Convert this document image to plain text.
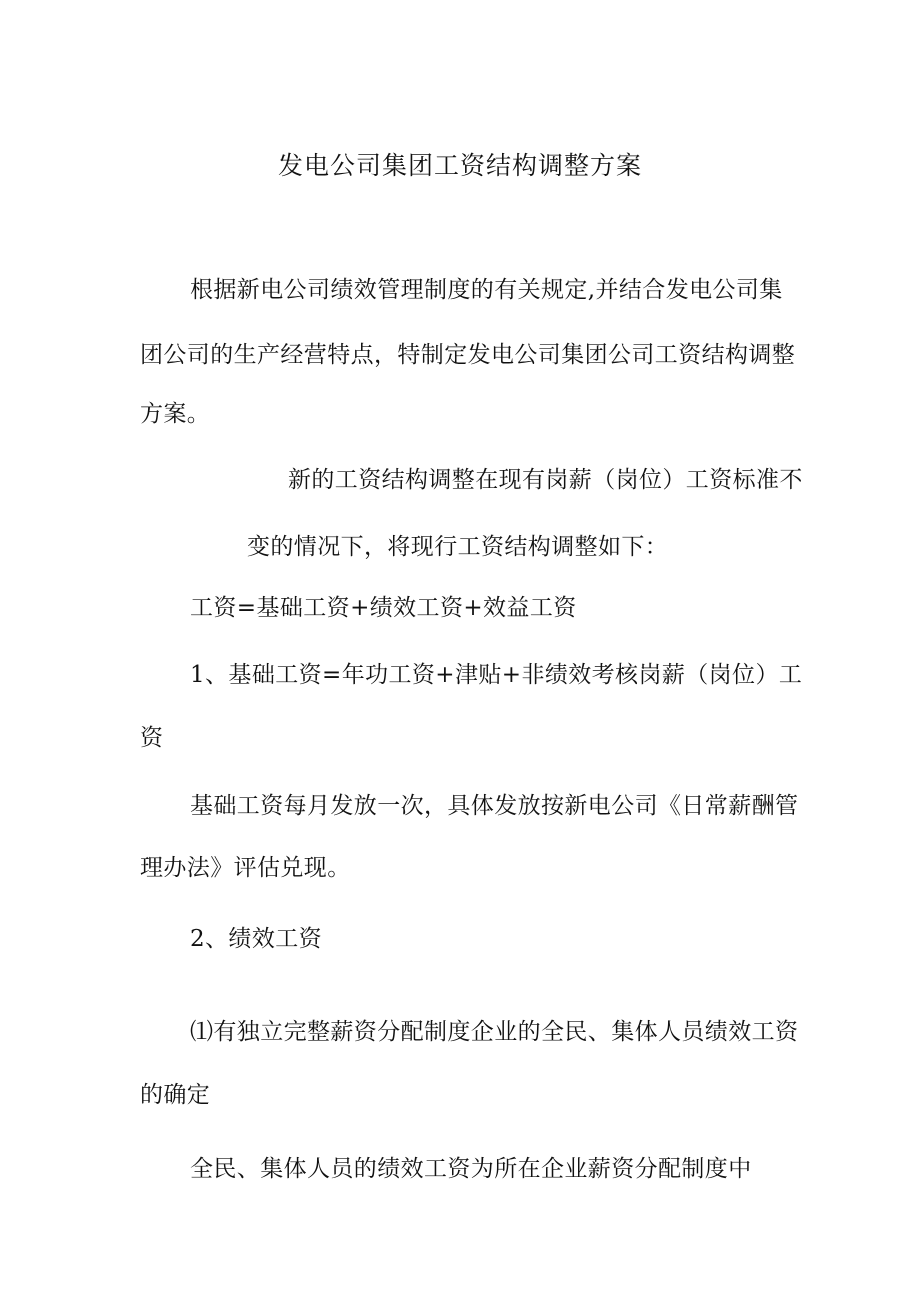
发电公司集团工资结构调整方案
根据新电公司绩效管理制度的有关规定,并结合发电公司集
团公司的生产经营特点，特制定发电公司集团公司工资结构调整
方案。
新的工资结构调整在现有岗薪（岗位）工资标准不
变的情况下，将现行工资结构调整如下：
工资=基础工资+绩效工资+效益工资
1、基础工资=年功工资+津贴+非绩效考核岗薪（岗位）工
资
基础工资每月发放一次，具体发放按新电公司《日常薪酬管
理办法》评估兑现。
2、绩效工资
⑴有独立完整薪资分配制度企业的全民、集体人员绩效工资
的确定
全民、集体人员的绩效工资为所在企业薪资分配制度中
